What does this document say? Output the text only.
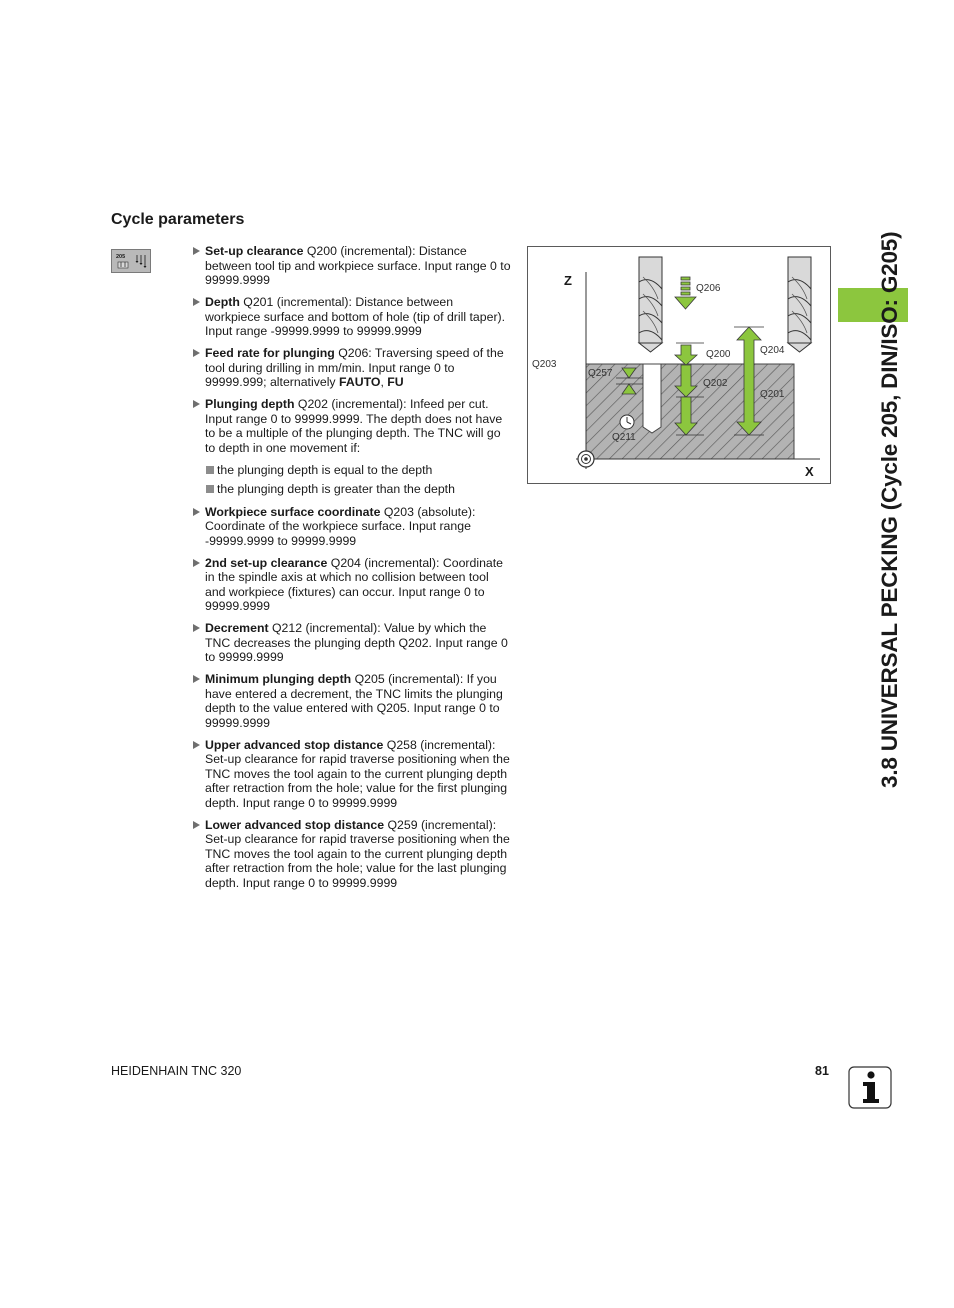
Cycle parameters
205	Set-up clearance Q200 (incremental): Distance between tool tip and workpiece surface. Input range 0 to 99999.9999
Depth Q201 (incremental): Distance between workpiece surface and bottom of hole (tip of drill taper). Input range -99999.9999 to 99999.9999
Feed rate for plunging Q206: Traversing speed of the tool during drilling in mm/min. Input range 0 to 99999.999; alternatively FAUTO, FU
Plunging depth Q202 (incremental): Infeed per cut. Input range 0 to 99999.9999. The depth does not have to be a multiple of the plunging depth. The TNC will go to depth in one movement if:
the plunging depth is equal to the depth
the plunging depth is greater than the depth
Workpiece surface coordinate Q203 (absolute): Coordinate of the workpiece surface. Input range -99999.9999 to 99999.9999
2nd set-up clearance Q204 (incremental): Coordinate in the spindle axis at which no collision between tool and workpiece (fixtures) can occur. Input range 0 to 99999.9999
Decrement Q212 (incremental): Value by which the TNC decreases the plunging depth Q202. Input range 0 to 99999.9999
Minimum plunging depth Q205 (incremental): If you have entered a decrement, the TNC limits the plunging depth to the value entered with Q205. Input range 0 to 99999.9999
Upper advanced stop distance Q258 (incremental): Set-up clearance for rapid traverse positioning when the TNC moves the tool again to the current plunging depth after retraction from the hole; value for the first plunging depth. Input range 0 to 99999.9999
Lower advanced stop distance Q259 (incremental): Set-up clearance for rapid traverse positioning when the TNC moves the tool again to the current plunging depth after retraction from the hole; value for the last plunging depth. Input range 0 to 99999.9999
Z
X
Q206
Q200
Q202
Q201
Q204
Q203
Q257
Q211	3.8 UNIVERSAL PECKING (Cycle 205, DIN/ISO: G205)
HEIDENHAIN TNC 320	81
